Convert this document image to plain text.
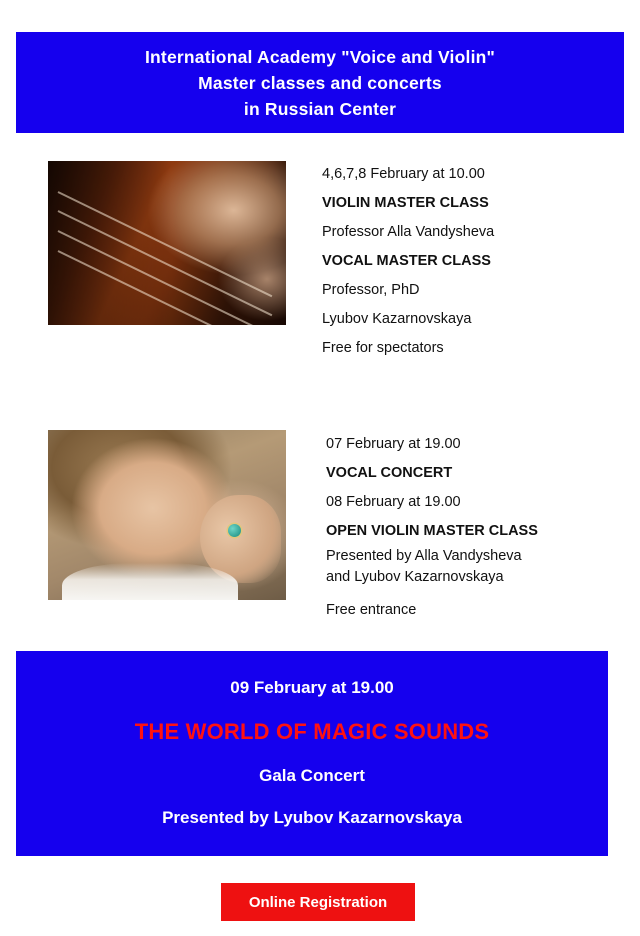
International Academy "Voice and Violin"
Master classes and concerts
in Russian Center
4,6,7,8 February at 10.00
VIOLIN MASTER CLASS
Professor Alla Vandysheva
VOCAL MASTER CLASS
Professor, PhD
Lyubov Kazarnovskaya
Free for spectators
07 February at 19.00
VOCAL CONCERT
08 February at 19.00
OPEN VIOLIN MASTER CLASS
Presented by Alla Vandysheva
and Lyubov Kazarnovskaya
Free entrance
09 February at 19.00
THE WORLD OF MAGIC SOUNDS
Gala Concert
Presented by Lyubov Kazarnovskaya
Online Registration
